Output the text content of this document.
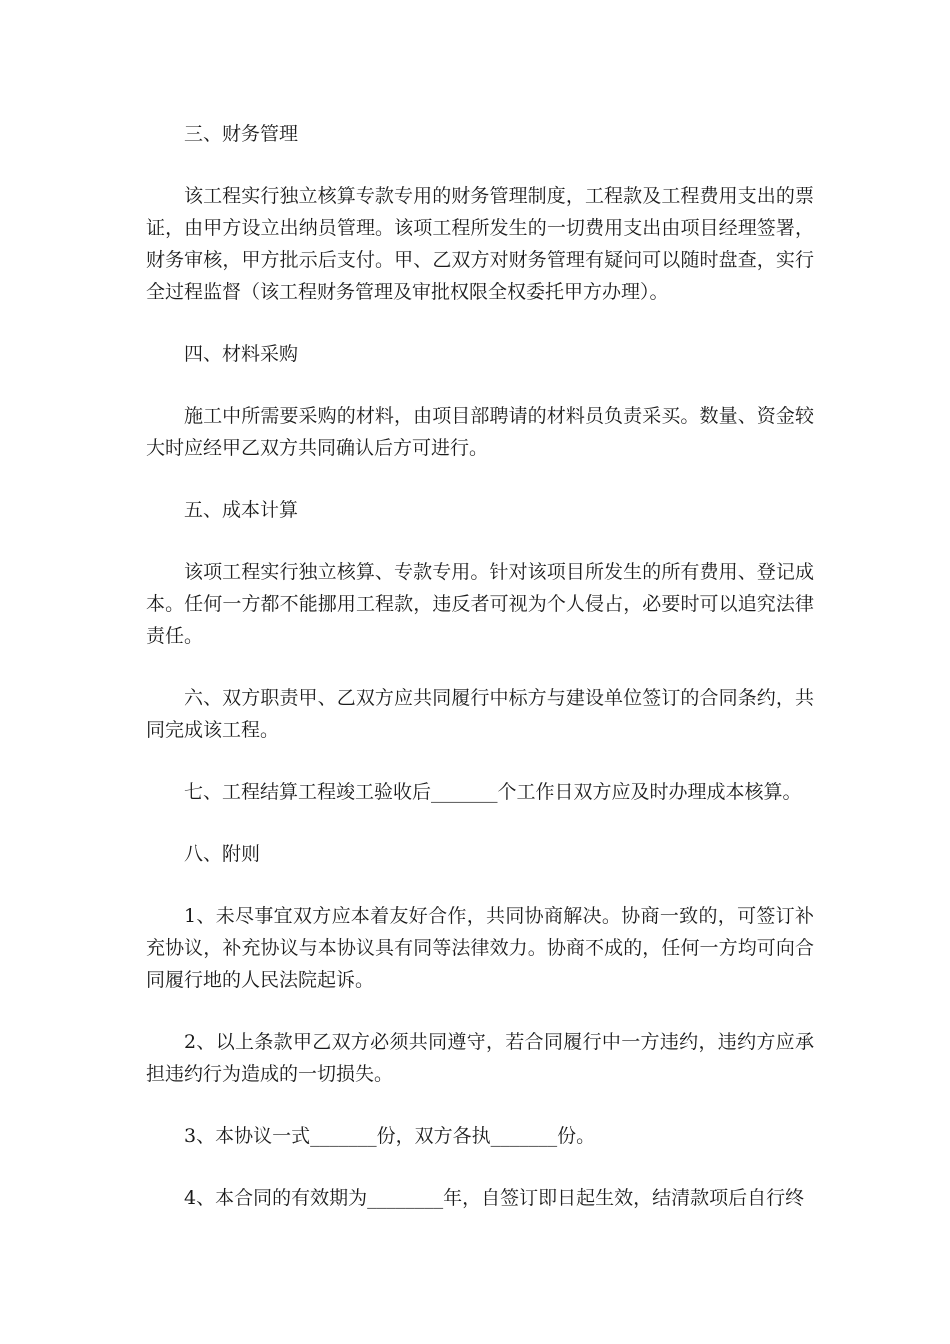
三、财务管理

该工程实行独立核算专款专用的财务管理制度，工程款及工程费用支出的票证，由甲方设立出纳员管理。该项工程所发生的一切费用支出由项目经理签署，财务审核，甲方批示后支付。甲、乙双方对财务管理有疑问可以随时盘查，实行全过程监督（该工程财务管理及审批权限全权委托甲方办理）。

四、材料采购

施工中所需要采购的材料，由项目部聘请的材料员负责采买。数量、资金较大时应经甲乙双方共同确认后方可进行。

五、成本计算

该项工程实行独立核算、专款专用。针对该项目所发生的所有费用、登记成本。任何一方都不能挪用工程款，违反者可视为个人侵占，必要时可以追究法律责任。

六、双方职责甲、乙双方应共同履行中标方与建设单位签订的合同条约，共同完成该工程。

七、工程结算工程竣工验收后_______个工作日双方应及时办理成本核算。

八、附则

1、未尽事宜双方应本着友好合作，共同协商解决。协商一致的，可签订补充协议，补充协议与本协议具有同等法律效力。协商不成的，任何一方均可向合同履行地的人民法院起诉。

2、以上条款甲乙双方必须共同遵守，若合同履行中一方违约，违约方应承担违约行为造成的一切损失。

3、本协议一式_______份，双方各执_______份。

4、本合同的有效期为________年，自签订即日起生效，结清款项后自行终
